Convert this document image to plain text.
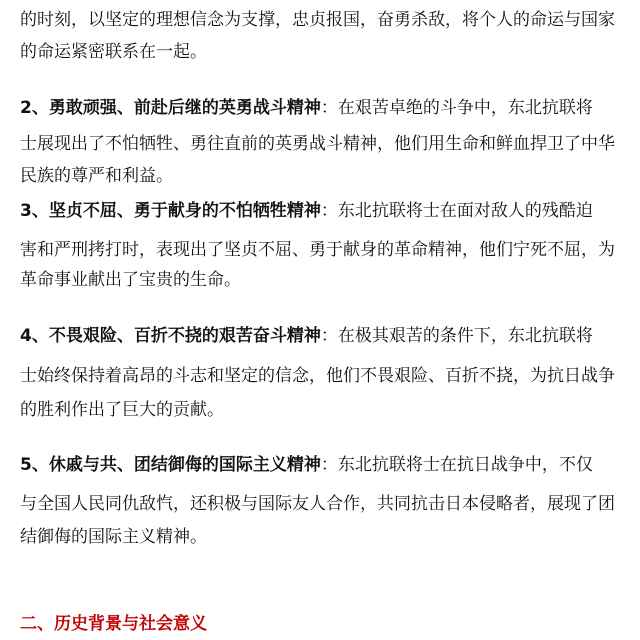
的时刻，以坚定的理想信念为支撑，忠贞报国，奋勇杀敌，将个人的命运与国家
的命运紧密联系在一起。
2、勇敢顽强、前赴后继的英勇战斗精神：在艰苦卓绝的斗争中，东北抗联将
士展现出了不怕牺牲、勇往直前的英勇战斗精神，他们用生命和鲜血捍卫了中华
民族的尊严和利益。
3、坚贞不屈、勇于献身的不怕牺牲精神：东北抗联将士在面对敌人的残酷迫
害和严刑拷打时，表现出了坚贞不屈、勇于献身的革命精神，他们宁死不屈，为
革命事业献出了宝贵的生命。
4、不畏艰险、百折不挠的艰苦奋斗精神：在极其艰苦的条件下，东北抗联将
士始终保持着高昂的斗志和坚定的信念，他们不畏艰险、百折不挠，为抗日战争
的胜利作出了巨大的贡献。
5、休戚与共、团结御侮的国际主义精神：东北抗联将士在抗日战争中，不仅
与全国人民同仇敌忾，还积极与国际友人合作，共同抗击日本侵略者，展现了团
结御侮的国际主义精神。
二、历史背景与社会意义
